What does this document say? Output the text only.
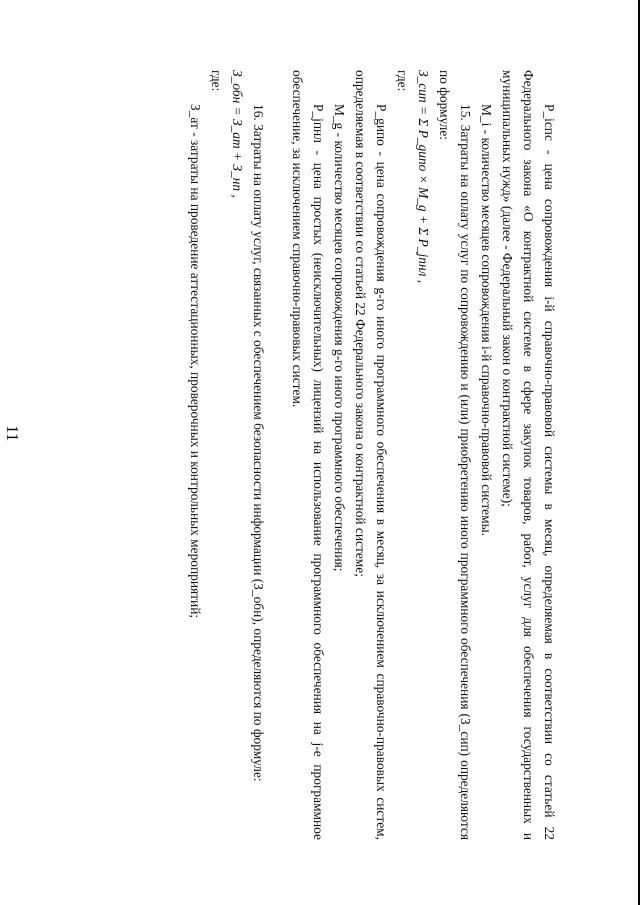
11	P_icпс - цена сопровождения i-й справочно-правовой системы в месяц, определяемая в соответствии со статьей 22 Федерального закона «О контрактной системе в сфере закупок товаров, работ, услуг для обеспечения государственных и муниципальных нужд» (далее - Федеральный закон о контрактной системе);

M_i - количество месяцев сопровождения i-й справочно-правовой системы.

15. Затраты на оплату услуг по сопровождению и (или) приобретению иного программного обеспечения (З_сип) определяются по формуле:

З_сип = Σ P_gипо × M_g + Σ P_jпнл ,

где:

P_gипо - цена сопровождения g-го иного программного обеспечения в месяц, за исключением справочно-правовых систем, определяемая в соответствии со статьей 22 Федерального закона о контрактной системе;

M_g - количество месяцев сопровождения g-го иного программного обеспечения;

P_jпнл - цена простых (неисключительных) лицензий на использование программного обеспечения на j-е программное обеспечение, за исключением справочно-правовых систем.

16. Затраты на оплату услуг, связанных с обеспечением безопасности информации (З_обн), определяются по формуле:

З_обн = З_ат + З_нп ,

где:

З_ат - затраты на проведение аттестационных, проверочных и контрольных мероприятий;
